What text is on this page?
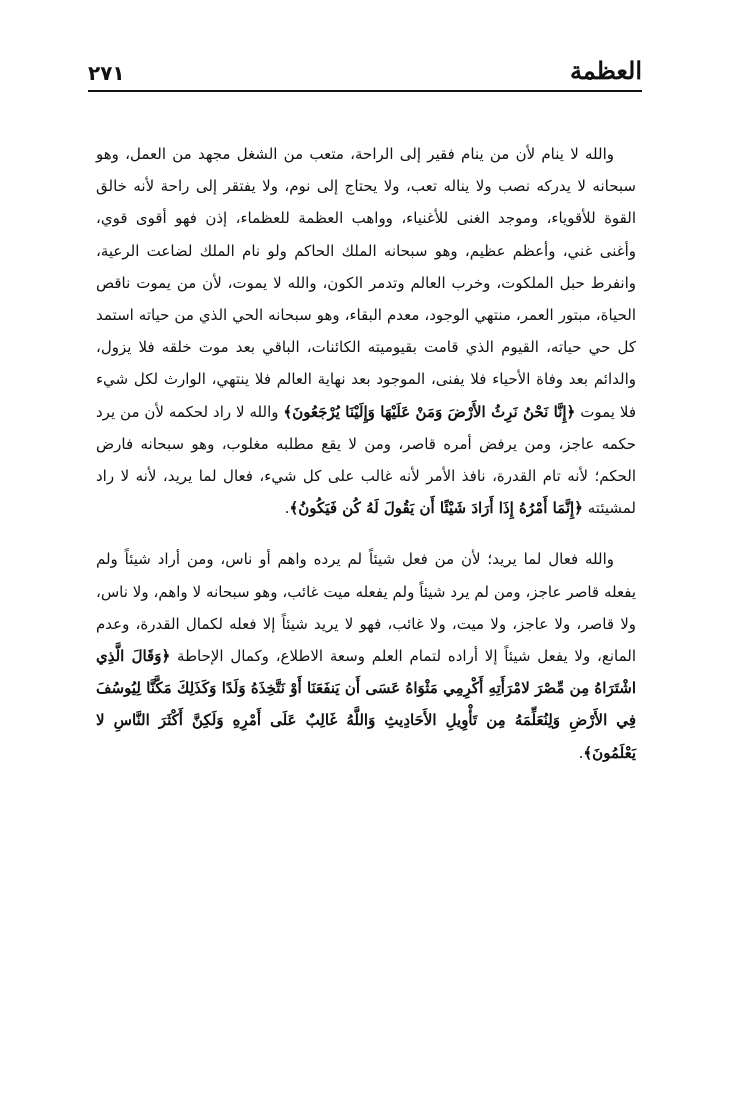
العظمة
٢٧١

والله لا ينام لأن من ينام فقير إلى الراحة، متعب من الشغل مجهد من العمل، وهو سبحانه لا يدركه نصب ولا يناله تعب، ولا يحتاج إلى نوم، ولا يفتقر إلى راحة لأنه خالق القوة للأقوياء، وموجد الغنى للأغنياء، وواهب العظمة للعظماء، إذن فهو أقوى قوي، وأغنى غني، وأعظم عظيم، وهو سبحانه الملك الحاكم ولو نام الملك لضاعت الرعية، وانفرط حبل الملكوت، وخرب العالم وتدمر الكون، والله لا يموت، لأن من يموت ناقص الحياة، مبتور العمر، منتهي الوجود، معدم البقاء، وهو سبحانه الحي الذي من حياته استمد كل حي حياته، القيوم الذي قامت بقيوميته الكائنات، الباقي بعد موت خلقه فلا يزول، والدائم بعد وفاة الأحياء فلا يفنى، الموجود بعد نهاية العالم فلا ينتهي، الوارث لكل شيء فلا يموت ﴿إِنَّا نَحْنُ نَرِثُ الأَرْضَ وَمَنْ عَلَيْهَا وَإِلَيْنَا يُرْجَعُونَ﴾ والله لا راد لحكمه لأن من يرد حكمه عاجز، ومن يرفض أمره قاصر، ومن لا يقع مطلبه مغلوب، وهو سبحانه فارض الحكم؛ لأنه تام القدرة، نافذ الأمر لأنه غالب على كل شيء، فعال لما يريد، لأنه لا راد لمشيئته ﴿إِنَّمَا أَمْرُهُ إِذَا أَرَادَ شَيْئًا أَن يَقُولَ لَهُ كُن فَيَكُونُ﴾.

والله فعال لما يريد؛ لأن من فعل شيئاً لم يرده واهم أو ناس، ومن أراد شيئاً ولم يفعله قاصر عاجز، ومن لم يرد شيئاً ولم يفعله ميت غائب، وهو سبحانه لا واهم، ولا ناس، ولا قاصر، ولا عاجز، ولا ميت، ولا غائب، فهو لا يريد شيئاً إلا فعله لكمال القدرة، وعدم المانع، ولا يفعل شيئاً إلا أراده لتمام العلم وسعة الاطلاع، وكمال الإحاطة ﴿وَقَالَ الَّذِي اشْتَرَاهُ مِن مِّصْرَ لامْرَأَتِهِ أَكْرِمِي مَثْوَاهُ عَسَى أَن يَنفَعَنَا أَوْ نَتَّخِذَهُ وَلَدًا وَكَذَلِكَ مَكَّنَّا لِيُوسُفَ فِي الأَرْضِ وَلِنُعَلِّمَهُ مِن تَأْوِيلِ الأَحَادِيثِ وَاللَّهُ غَالِبٌ عَلَى أَمْرِهِ وَلَكِنَّ أَكْثَرَ النَّاسِ لا يَعْلَمُونَ﴾.
